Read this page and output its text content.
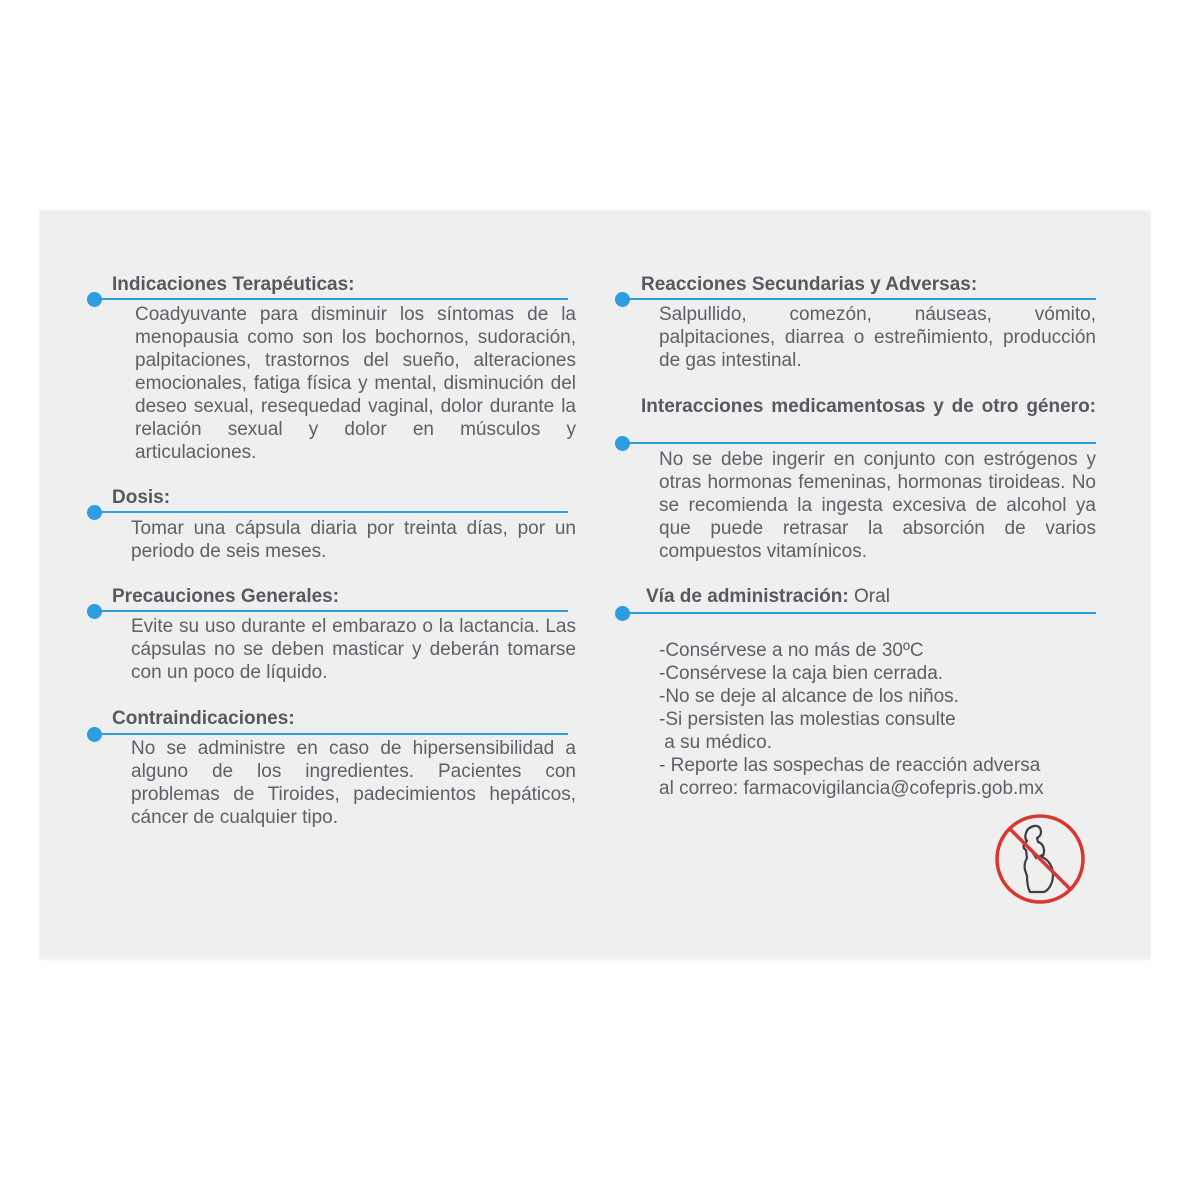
Indicaciones Terapéuticas:
Coadyuvante para disminuir los síntomas de la menopausia como son los bochornos, sudoración, palpitaciones, trastornos del sueño, alteraciones emocionales, fatiga física y mental, disminución del deseo sexual, resequedad vaginal, dolor durante la relación sexual y dolor en músculos y articulaciones.
Dosis:
Tomar una cápsula diaria por treinta días, por un periodo de seis meses.
Precauciones Generales:
Evite su uso durante el embarazo o la lactancia. Las cápsulas no se deben masticar y deberán tomarse con un poco de líquido.
Contraindicaciones:
No se administre en caso de hipersensibilidad a alguno de los ingredientes. Pacientes con problemas de Tiroides, padecimientos hepáticos, cáncer de cualquier tipo.
Reacciones Secundarias y Adversas:
Salpullido, comezón, náuseas, vómito, palpitaciones, diarrea o estreñimiento, producción de gas intestinal.
Interacciones medicamentosas y de otro género:
No se debe ingerir en conjunto con estrógenos y otras hormonas femeninas, hormonas tiroideas. No se recomienda la ingesta excesiva de alcohol ya que puede retrasar la absorción de varios compuestos vitamínicos.
Vía de administración: Oral
-Consérvese a no más de 30ºC
-Consérvese la caja bien cerrada.
-No se deje al alcance de los niños.
-Si persisten las molestias consulte
a su médico.
- Reporte las sospechas de reacción adversa
al correo: farmacovigilancia@cofepris.gob.mx
